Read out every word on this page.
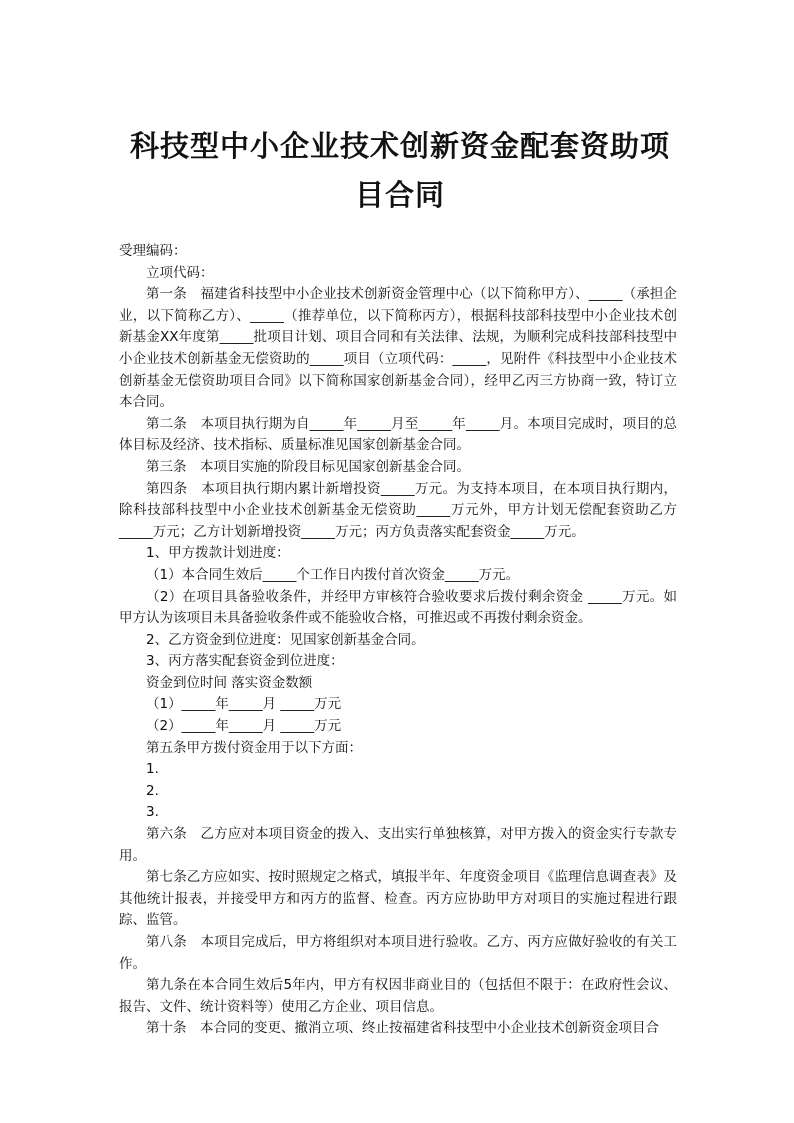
科技型中小企业技术创新资金配套资助项
目合同

受理编码：

立项代码：

第一条　福建省科技型中小企业技术创新资金管理中心（以下简称甲方）、_____（承担企业，以下简称乙方）、_____（推荐单位，以下简称丙方），根据科技部科技型中小企业技术创新基金XX年度第_____批项目计划、项目合同和有关法律、法规，为顺利完成科技部科技型中小企业技术创新基金无偿资助的_____项目（立项代码：_____，见附件《科技型中小企业技术创新基金无偿资助项目合同》以下简称国家创新基金合同），经甲乙丙三方协商一致，特订立本合同。

第二条　本项目执行期为自_____年_____月至_____年_____月。本项目完成时，项目的总体目标及经济、技术指标、质量标准见国家创新基金合同。

第三条　本项目实施的阶段目标见国家创新基金合同。

第四条　本项目执行期内累计新增投资_____万元。为支持本项目，在本项目执行期内，除科技部科技型中小企业技术创新基金无偿资助_____万元外，甲方计划无偿配套资助乙方_____万元；乙方计划新增投资_____万元；丙方负责落实配套资金_____万元。

1、甲方拨款计划进度：

（1）本合同生效后_____个工作日内拨付首次资金_____万元。

（2）在项目具备验收条件，并经甲方审核符合验收要求后拨付剩余资金 _____万元。如甲方认为该项目未具备验收条件或不能验收合格，可推迟或不再拨付剩余资金。

2、乙方资金到位进度：见国家创新基金合同。

3、丙方落实配套资金到位进度：

资金到位时间 落实资金数额

（1）_____年_____月 _____万元

（2）_____年_____月 _____万元

第五条甲方拨付资金用于以下方面：

1.

2.

3.

第六条　乙方应对本项目资金的拨入、支出实行单独核算，对甲方拨入的资金实行专款专用。

第七条乙方应如实、按时照规定之格式，填报半年、年度资金项目《监理信息调查表》及其他统计报表，并接受甲方和丙方的监督、检查。丙方应协助甲方对项目的实施过程进行跟踪、监管。

第八条　本项目完成后，甲方将组织对本项目进行验收。乙方、丙方应做好验收的有关工作。

第九条在本合同生效后5年内，甲方有权因非商业目的（包括但不限于：在政府性会议、报告、文件、统计资料等）使用乙方企业、项目信息。

第十条　本合同的变更、撤消立项、终止按福建省科技型中小企业技术创新资金项目合
